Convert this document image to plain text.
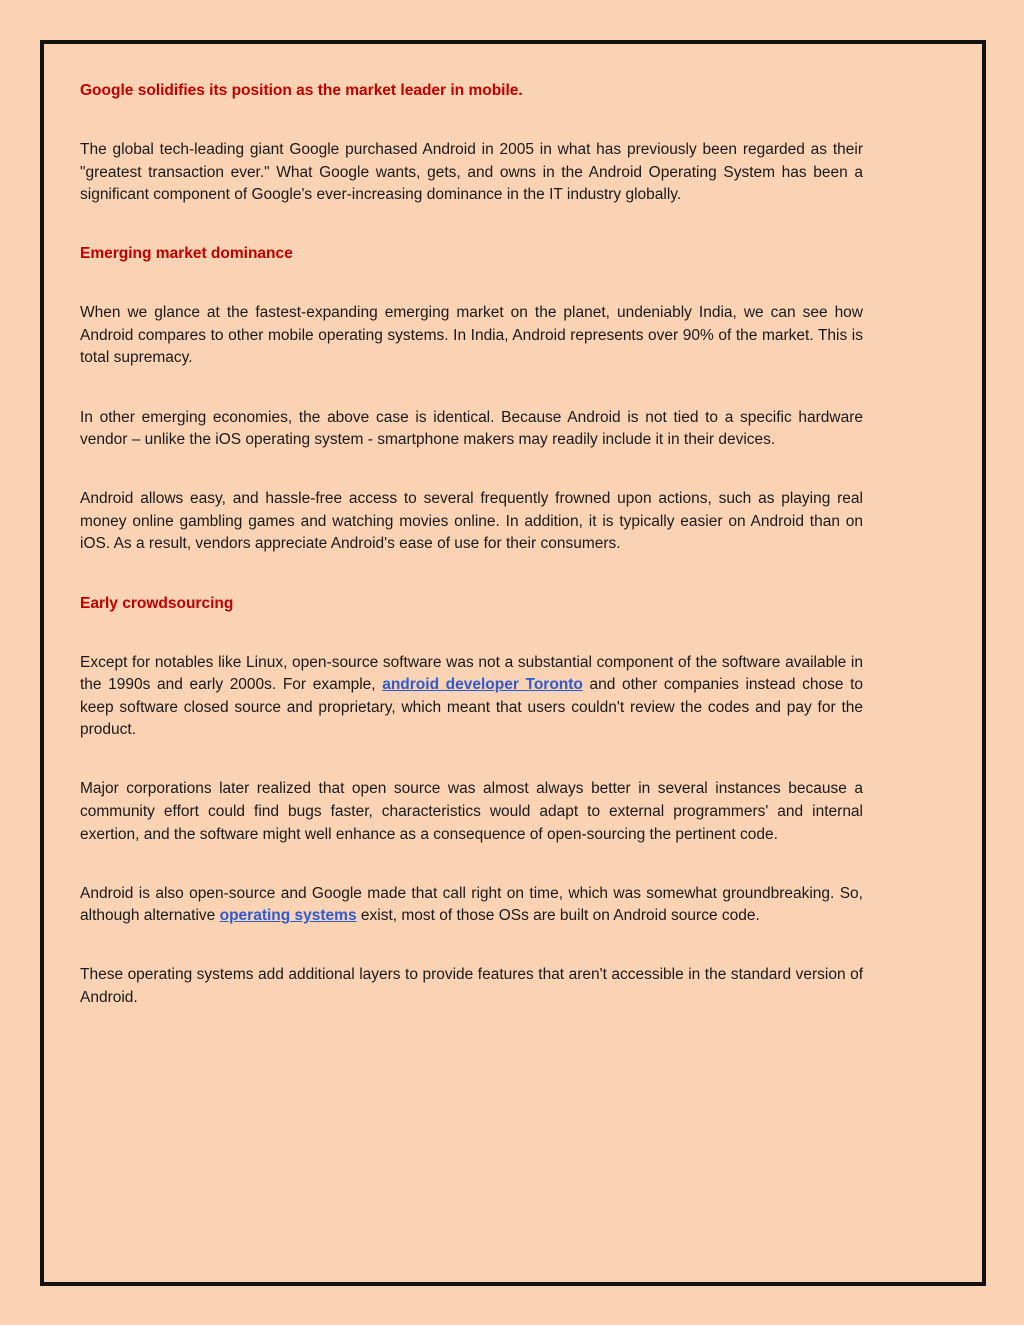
Google solidifies its position as the market leader in mobile.

The global tech-leading giant Google purchased Android in 2005 in what has previously been regarded as their "greatest transaction ever." What Google wants, gets, and owns in the Android Operating System has been a significant component of Google's ever-increasing dominance in the IT industry globally.

Emerging market dominance

When we glance at the fastest-expanding emerging market on the planet, undeniably India, we can see how Android compares to other mobile operating systems. In India, Android represents over 90% of the market. This is total supremacy.

In other emerging economies, the above case is identical. Because Android is not tied to a specific hardware vendor – unlike the iOS operating system - smartphone makers may readily include it in their devices.

Android allows easy, and hassle-free access to several frequently frowned upon actions, such as playing real money online gambling games and watching movies online. In addition, it is typically easier on Android than on iOS. As a result, vendors appreciate Android's ease of use for their consumers.

Early crowdsourcing

Except for notables like Linux, open-source software was not a substantial component of the software available in the 1990s and early 2000s. For example, android developer Toronto and other companies instead chose to keep software closed source and proprietary, which meant that users couldn't review the codes and pay for the product.

Major corporations later realized that open source was almost always better in several instances because a community effort could find bugs faster, characteristics would adapt to external programmers' and internal exertion, and the software might well enhance as a consequence of open-sourcing the pertinent code.

Android is also open-source and Google made that call right on time, which was somewhat groundbreaking. So, although alternative operating systems exist, most of those OSs are built on Android source code.

These operating systems add additional layers to provide features that aren't accessible in the standard version of Android.
